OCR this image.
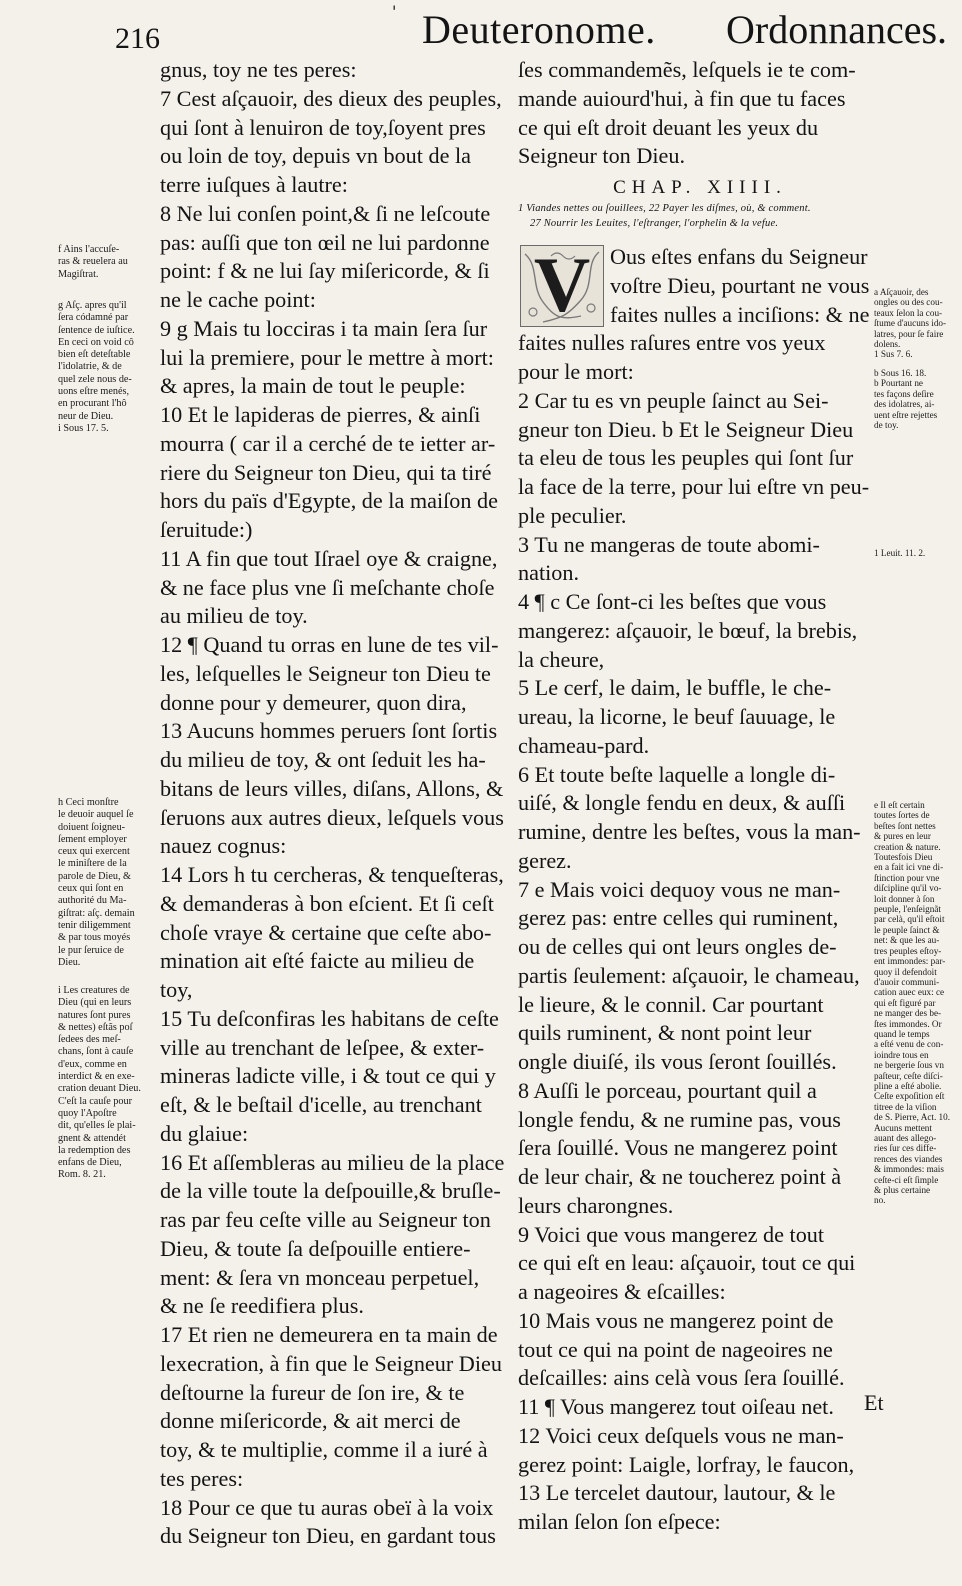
216
' Deuteronome. Ordonnances.
gnus, toy ne tes peres:
7 Cest aſçauoir, des dieux des peuples,
qui ſont à lenuiron de toy,ſoyent pres
ou loin de toy, depuis vn bout de la
terre iuſques à lautre:
8 Ne lui conſen point,& ſi ne leſcoute
pas: auſſi que ton œil ne lui pardonne
point: f & ne lui ſay miſericorde, & ſi
ne le cache point:
9 g Mais tu locciras i ta main ſera ſur
lui la premiere, pour le mettre à mort:
& apres, la main de tout le peuple:
10 Et le lapideras de pierres, & ainſi
mourra ( car il a cerché de te ietter ar-
riere du Seigneur ton Dieu, qui ta tiré
hors du païs d'Egypte, de la maiſon de
ſeruitude:)
11 A fin que tout Iſrael oye & craigne,
& ne face plus vne ſi meſchante choſe
au milieu de toy.
12 ¶ Quand tu orras en lune de tes vil-
les, leſquelles le Seigneur ton Dieu te
donne pour y demeurer, quon dira,
13 Aucuns hommes peruers ſont ſortis
du milieu de toy, & ont ſeduit les ha-
bitans de leurs villes, diſans, Allons, &
ſeruons aux autres dieux, leſquels vous
nauez cognus:
14 Lors h tu cercheras, & tenqueſteras,
& demanderas à bon eſcient. Et ſi ceſt
choſe vraye & certaine que ceſte abo-
mination ait eſté faicte au milieu de
toy,
15 Tu deſconfiras les habitans de ceſte
ville au trenchant de leſpee, & exter-
mineras ladicte ville, i & tout ce qui y
eſt, & le beſtail d'icelle, au trenchant
du glaiue:
16 Et aſſembleras au milieu de la place
de la ville toute la deſpouille,& bruſle-
ras par feu ceſte ville au Seigneur ton
Dieu, & toute ſa deſpouille entiere-
ment: & ſera vn monceau perpetuel,
& ne ſe reedifiera plus.
17 Et rien ne demeurera en ta main de
lexecration, à fin que le Seigneur Dieu
deſtourne la fureur de ſon ire, & te
donne miſericorde, & ait merci de
toy, & te multiplie, comme il a iuré à
tes peres:
18 Pour ce que tu auras obeï à la voix
du Seigneur ton Dieu, en gardant tous
ſes commandemẽs, leſquels ie te com-
mande auiourd'hui, à fin que tu faces
ce qui eſt droit deuant les yeux du
Seigneur ton Dieu.
CHAP. XIIII.
1 Viandes nettes ou ſouillees, 22 Payer les diſmes, où, & comment.
27 Nourrir les Leuites, l'eſtranger, l'orphelin & la vefue.
V Ous eſtes enfans du Seigneur
voſtre Dieu, pourtant ne vous
faites nulles a inciſions: & ne
faites nulles raſures entre vos yeux
pour le mort:
2 Car tu es vn peuple ſainct au Sei-
gneur ton Dieu. b Et le Seigneur Dieu
ta eleu de tous les peuples qui ſont ſur
la face de la terre, pour lui eſtre vn peu-
ple peculier.
3 Tu ne mangeras de toute abomi-
nation.
4 ¶ c Ce ſont-ci les beſtes que vous
mangerez: aſçauoir, le bœuf, la brebis,
la cheure,
5 Le cerf, le daim, le buffle, le che-
ureau, la licorne, le beuf ſauuage, le
chameau-pard.
6 Et toute beſte laquelle a longle di-
uiſé, & longle fendu en deux, & auſſi
rumine, dentre les beſtes, vous la man-
gerez.
7 e Mais voici dequoy vous ne man-
gerez pas: entre celles qui ruminent,
ou de celles qui ont leurs ongles de-
partis ſeulement: aſçauoir, le chameau,
le lieure, & le connil. Car pourtant
quils ruminent, & nont point leur
ongle diuiſé, ils vous ſeront ſouillés.
8 Auſſi le porceau, pourtant quil a
longle fendu, & ne rumine pas, vous
ſera ſouillé. Vous ne mangerez point
de leur chair, & ne toucherez point à
leurs charongnes.
9 Voici que vous mangerez de tout
ce qui eſt en leau: aſçauoir, tout ce qui
a nageoires & eſcailles:
10 Mais vous ne mangerez point de
tout ce qui na point de nageoires ne
deſcailles: ains celà vous ſera ſouillé.
11 ¶ Vous mangerez tout oiſeau net.
12 Voici ceux deſquels vous ne man-
gerez point: Laigle, lorfray, le faucon,
13 Le tercelet dautour, lautour, & le
milan ſelon ſon eſpece:
f Ains l'accuſe-
ras & reuelera au
Magiſtrat.
g Aſç. apres qu'il
ſera códamné par
ſentence de iuſtice.
En ceci on void cô
bien eſt deteſtable
l'idolatrie, & de
quel zele nous de-
uons eſtre menés,
en procurant l'hô
neur de Dieu.
i Sous 17. 5.
h Ceci monſtre
le deuoir auquel ſe
doiuent ſoigneu-
ſement employer
ceux qui exercent
le miniſtere de la
parole de Dieu, &
ceux qui ſont en
authorité du Ma-
giſtrat: aſç. demain
tenir diligemment
& par tous moyés
le pur ſeruice de
Dieu.
i Les creatures de
Dieu (qui en leurs
natures ſont pures
& nettes) eſtãs poſ
ſedees des meſ-
chans, ſont à cauſe
d'eux, comme en
interdict & en exe-
cration deuant Dieu.
C'eſt la cauſe pour
quoy l'Apoſtre
dit, qu'elles ſe plai-
gnent & attendét
la redemption des
enfans de Dieu,
Rom. 8. 21.
a Aſçauoir, des
ongles ou des cou-
teaux ſelon la cou-
ſtume d'aucuns ido-
latres, pour ſe faire
dolens.
1 Sus 7. 6.
b Sous 16. 18.
b Pourtant ne
tes façons deſire
des idolatres, ai-
uent eſtre rejettes
de toy.
1 Leuit. 11. 2.
e Il eſt certain
toutes ſortes de
beſtes ſont nettes
& pures en leur
creation & nature.
Toutesfois Dieu
en a fait ici vne di-
ſtinction pour vne
diſcipline qu'il vo-
loit donner à ſon
peuple, l'enſeignãt
par celà, qu'il eſtoit
le peuple ſainct &
net: & que les au-
tres peuples eſtoy-
ent immondes: par-
quoy il defendoit
d'auoir communi-
cation auec eux: ce
qui eſt figuré par
ne manger des be-
ſtes immondes. Or
quand le temps
a eſté venu de con-
ioindre tous en
ne bergerie ſous vn
paſteur, ceſte diſci-
pline a eſté abolie.
Ceſte expoſition eſt
titree de la viſion
de S. Pierre, Act. 10.
Aucuns mettent
auant des allego-
ries ſur ces diffe-
rences des viandes
& immondes: mais
ceſte-ci eſt ſimple
& plus certaine
no.
Et
